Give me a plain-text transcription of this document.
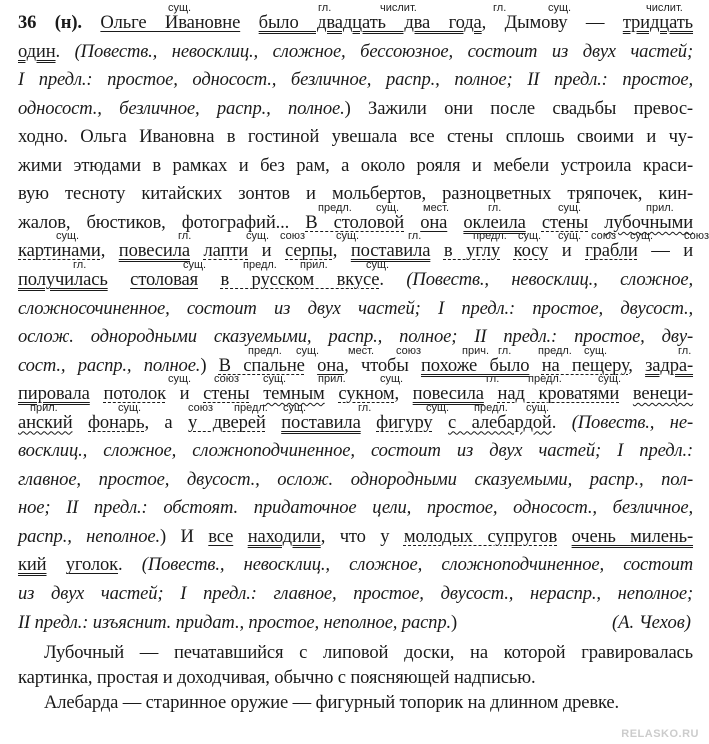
36 (н). Ольге Ивановне было двадцать два года, Дымову — тридцать
один. (Повеств., невосклиц., сложное, бессоюзное, состоит из двух частей;
I предл.: простое, односост., безличное, распр., полное; II предл.: простое,
односост., безличное, распр., полное.) Зажили они после свадьбы превос-
ходно. Ольга Ивановна в гостиной увешала все стены сплошь своими и чу-
жими этюдами в рамках и без рам, а около рояля и мебели устроила краси-
вую тесноту китайских зонтов и мольбертов, разноцветных тряпочек, кин-
жалов, бюстиков, фотографий... В столовой она оклеила стены лубочными
картинами, повесила лапти и серпы, поставила в углу косу и грабли — и
получилась столовая в русском вкусе. (Повеств., невосклиц., сложное,
сложносочиненное, состоит из двух частей; I предл.: простое, двусост.,
ослож. однородными сказуемыми, распр., полное; II предл.: простое, дву-
сост., распр., полное.) В спальне она, чтобы похоже было на пещеру, задра-
пировала потолок и стены темным сукном, повесила над кроватями венеци-
анский фонарь, а у дверей поставила фигуру с алебардой. (Повеств., не-
восклиц., сложное, сложноподчиненное, состоит из двух частей; I предл.:
главное, простое, двусост., ослож. однородными сказуемыми, распр., пол-
ное; II предл.: обстоят. придаточное цели, простое, односост., безличное,
распр., неполное.) И все находили, что у молодых супругов очень милень-
кий уголок. (Повеств., невосклиц., сложное, сложноподчиненное, состоит
из двух частей; I предл.: главное, простое, двусост., нераспр., неполное;
II предл.: изъяснит. придат., простое, неполное, распр.)	(А. Чехов)
сущ.	гл.	числит.	гл.	сущ.	числит.
предл. сущ. мест.	гл.	сущ.	прил.
сущ.	гл.	сущ. союз	сущ.	гл.	предл. сущ. сущ. союз сущ.	союз
гл.	сущ.	предл. прил.	сущ.
предл. сущ.	мест. союз	прич. гл. предл. сущ.	гл.
сущ. союз сущ.	прил.	сущ.	гл.	предл.	сущ.
прил.	сущ.	союз предл. сущ.	гл.	сущ. предл. сущ.
Лубочный — печатавшийся с липовой доски, на которой гравировалась
картинка, простая и доходчивая, обычно с поясняющей надписью.
Алебарда — старинное оружие — фигурный топорик на длинном древке.
RELASKO.RU
